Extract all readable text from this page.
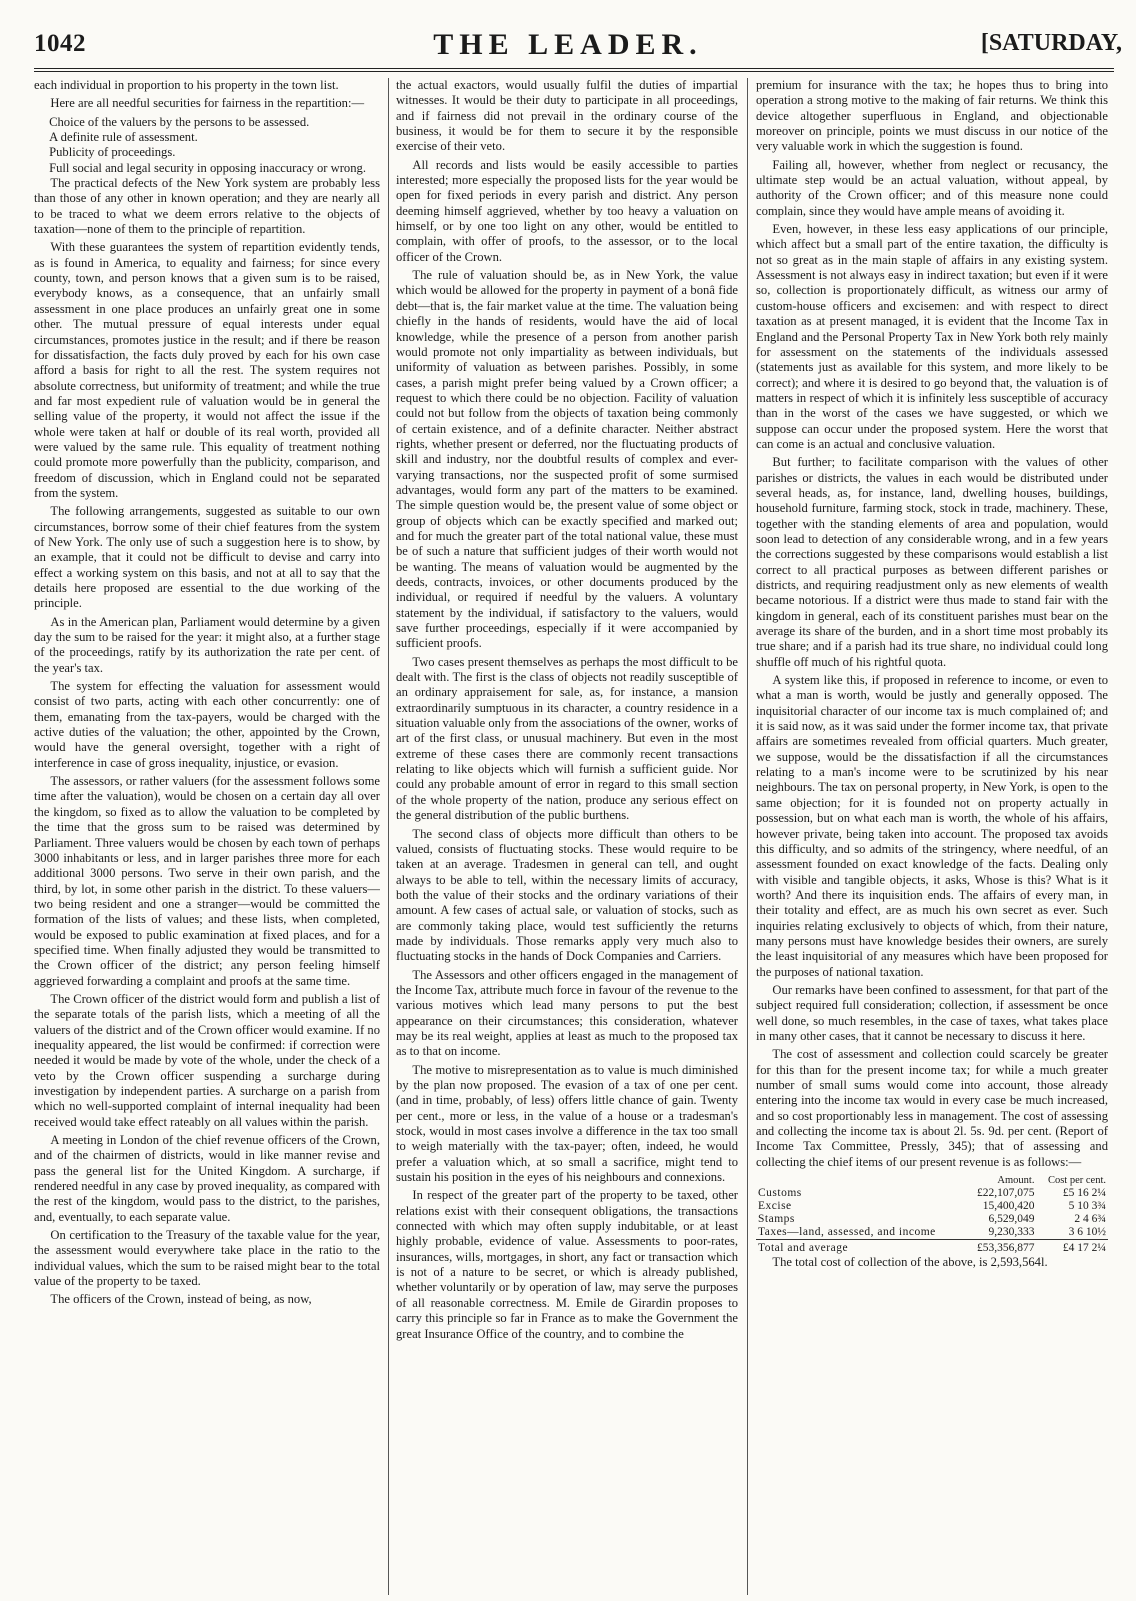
1042	THE LEADER.	[SATURDAY,

each individual in proportion to his property in the town list.

Here are all needful securities for fairness in the repartition:—

Choice of the valuers by the persons to be assessed.

A definite rule of assessment.

Publicity of proceedings.

Full social and legal security in opposing inaccuracy or wrong.

The practical defects of the New York system are probably less than those of any other in known operation; and they are nearly all to be traced to what we deem errors relative to the objects of taxation—none of them to the principle of repartition.

With these guarantees the system of repartition evidently tends, as is found in America, to equality and fairness; for since every county, town, and person knows that a given sum is to be raised, everybody knows, as a consequence, that an unfairly small assessment in one place produces an unfairly great one in some other. The mutual pressure of equal interests under equal circumstances, promotes justice in the result; and if there be reason for dissatisfaction, the facts duly proved by each for his own case afford a basis for right to all the rest. The system requires not absolute correctness, but uniformity of treatment; and while the true and far most expedient rule of valuation would be in general the selling value of the property, it would not affect the issue if the whole were taken at half or double of its real worth, provided all were valued by the same rule. This equality of treatment nothing could promote more powerfully than the publicity, comparison, and freedom of discussion, which in England could not be separated from the system.

The following arrangements, suggested as suitable to our own circumstances, borrow some of their chief features from the system of New York. The only use of such a suggestion here is to show, by an example, that it could not be difficult to devise and carry into effect a working system on this basis, and not at all to say that the details here proposed are essential to the due working of the principle.

As in the American plan, Parliament would determine by a given day the sum to be raised for the year: it might also, at a further stage of the proceedings, ratify by its authorization the rate per cent. of the year's tax.

The system for effecting the valuation for assessment would consist of two parts, acting with each other concurrently: one of them, emanating from the tax-payers, would be charged with the active duties of the valuation; the other, appointed by the Crown, would have the general oversight, together with a right of interference in case of gross inequality, injustice, or evasion.

The assessors, or rather valuers (for the assessment follows some time after the valuation), would be chosen on a certain day all over the kingdom, so fixed as to allow the valuation to be completed by the time that the gross sum to be raised was determined by Parliament. Three valuers would be chosen by each town of perhaps 3000 inhabitants or less, and in larger parishes three more for each additional 3000 persons. Two serve in their own parish, and the third, by lot, in some other parish in the district. To these valuers—two being resident and one a stranger—would be committed the formation of the lists of values; and these lists, when completed, would be exposed to public examination at fixed places, and for a specified time. When finally adjusted they would be transmitted to the Crown officer of the district; any person feeling himself aggrieved forwarding a complaint and proofs at the same time.

The Crown officer of the district would form and publish a list of the separate totals of the parish lists, which a meeting of all the valuers of the district and of the Crown officer would examine. If no inequality appeared, the list would be confirmed: if correction were needed it would be made by vote of the whole, under the check of a veto by the Crown officer suspending a surcharge during investigation by independent parties. A surcharge on a parish from which no well-supported complaint of internal inequality had been received would take effect rateably on all values within the parish.

A meeting in London of the chief revenue officers of the Crown, and of the chairmen of districts, would in like manner revise and pass the general list for the United Kingdom. A surcharge, if rendered needful in any case by proved inequality, as compared with the rest of the kingdom, would pass to the district, to the parishes, and, eventually, to each separate value.

On certification to the Treasury of the taxable value for the year, the assessment would everywhere take place in the ratio to the individual values, which the sum to be raised might bear to the total value of the property to be taxed.

The officers of the Crown, instead of being, as now,

the actual exactors, would usually fulfil the duties of impartial witnesses. It would be their duty to participate in all proceedings, and if fairness did not prevail in the ordinary course of the business, it would be for them to secure it by the responsible exercise of their veto.

All records and lists would be easily accessible to parties interested; more especially the proposed lists for the year would be open for fixed periods in every parish and district. Any person deeming himself aggrieved, whether by too heavy a valuation on himself, or by one too light on any other, would be entitled to complain, with offer of proofs, to the assessor, or to the local officer of the Crown.

The rule of valuation should be, as in New York, the value which would be allowed for the property in payment of a bonâ fide debt—that is, the fair market value at the time. The valuation being chiefly in the hands of residents, would have the aid of local knowledge, while the presence of a person from another parish would promote not only impartiality as between individuals, but uniformity of valuation as between parishes. Possibly, in some cases, a parish might prefer being valued by a Crown officer; a request to which there could be no objection. Facility of valuation could not but follow from the objects of taxation being commonly of certain existence, and of a definite character. Neither abstract rights, whether present or deferred, nor the fluctuating products of skill and industry, nor the doubtful results of complex and ever-varying transactions, nor the suspected profit of some surmised advantages, would form any part of the matters to be examined. The simple question would be, the present value of some object or group of objects which can be exactly specified and marked out; and for much the greater part of the total national value, these must be of such a nature that sufficient judges of their worth would not be wanting. The means of valuation would be augmented by the deeds, contracts, invoices, or other documents produced by the individual, or required if needful by the valuers. A voluntary statement by the individual, if satisfactory to the valuers, would save further proceedings, especially if it were accompanied by sufficient proofs.

Two cases present themselves as perhaps the most difficult to be dealt with. The first is the class of objects not readily susceptible of an ordinary appraisement for sale, as, for instance, a mansion extraordinarily sumptuous in its character, a country residence in a situation valuable only from the associations of the owner, works of art of the first class, or unusual machinery. But even in the most extreme of these cases there are commonly recent transactions relating to like objects which will furnish a sufficient guide. Nor could any probable amount of error in regard to this small section of the whole property of the nation, produce any serious effect on the general distribution of the public burthens.

The second class of objects more difficult than others to be valued, consists of fluctuating stocks. These would require to be taken at an average. Tradesmen in general can tell, and ought always to be able to tell, within the necessary limits of accuracy, both the value of their stocks and the ordinary variations of their amount. A few cases of actual sale, or valuation of stocks, such as are commonly taking place, would test sufficiently the returns made by individuals. Those remarks apply very much also to fluctuating stocks in the hands of Dock Companies and Carriers.

The Assessors and other officers engaged in the management of the Income Tax, attribute much force in favour of the revenue to the various motives which lead many persons to put the best appearance on their circumstances; this consideration, whatever may be its real weight, applies at least as much to the proposed tax as to that on income.

The motive to misrepresentation as to value is much diminished by the plan now proposed. The evasion of a tax of one per cent. (and in time, probably, of less) offers little chance of gain. Twenty per cent., more or less, in the value of a house or a tradesman's stock, would in most cases involve a difference in the tax too small to weigh materially with the tax-payer; often, indeed, he would prefer a valuation which, at so small a sacrifice, might tend to sustain his position in the eyes of his neighbours and connexions.

In respect of the greater part of the property to be taxed, other relations exist with their consequent obligations, the transactions connected with which may often supply indubitable, or at least highly probable, evidence of value. Assessments to poor-rates, insurances, wills, mortgages, in short, any fact or transaction which is not of a nature to be secret, or which is already published, whether voluntarily or by operation of law, may serve the purposes of all reasonable correctness. M. Emile de Girardin proposes to carry this principle so far in France as to make the Government the great Insurance Office of the country, and to combine the

premium for insurance with the tax; he hopes thus to bring into operation a strong motive to the making of fair returns. We think this device altogether superfluous in England, and objectionable moreover on principle, points we must discuss in our notice of the very valuable work in which the suggestion is found.

Failing all, however, whether from neglect or recusancy, the ultimate step would be an actual valuation, without appeal, by authority of the Crown officer; and of this measure none could complain, since they would have ample means of avoiding it.

Even, however, in these less easy applications of our principle, which affect but a small part of the entire taxation, the difficulty is not so great as in the main staple of affairs in any existing system. Assessment is not always easy in indirect taxation; but even if it were so, collection is proportionately difficult, as witness our army of custom-house officers and excisemen: and with respect to direct taxation as at present managed, it is evident that the Income Tax in England and the Personal Property Tax in New York both rely mainly for assessment on the statements of the individuals assessed (statements just as available for this system, and more likely to be correct); and where it is desired to go beyond that, the valuation is of matters in respect of which it is infinitely less susceptible of accuracy than in the worst of the cases we have suggested, or which we suppose can occur under the proposed system. Here the worst that can come is an actual and conclusive valuation.

But further; to facilitate comparison with the values of other parishes or districts, the values in each would be distributed under several heads, as, for instance, land, dwelling houses, buildings, household furniture, farming stock, stock in trade, machinery. These, together with the standing elements of area and population, would soon lead to detection of any considerable wrong, and in a few years the corrections suggested by these comparisons would establish a list correct to all practical purposes as between different parishes or districts, and requiring readjustment only as new elements of wealth became notorious. If a district were thus made to stand fair with the kingdom in general, each of its constituent parishes must bear on the average its share of the burden, and in a short time most probably its true share; and if a parish had its true share, no individual could long shuffle off much of his rightful quota.

A system like this, if proposed in reference to income, or even to what a man is worth, would be justly and generally opposed. The inquisitorial character of our income tax is much complained of; and it is said now, as it was said under the former income tax, that private affairs are sometimes revealed from official quarters. Much greater, we suppose, would be the dissatisfaction if all the circumstances relating to a man's income were to be scrutinized by his near neighbours. The tax on personal property, in New York, is open to the same objection; for it is founded not on property actually in possession, but on what each man is worth, the whole of his affairs, however private, being taken into account. The proposed tax avoids this difficulty, and so admits of the stringency, where needful, of an assessment founded on exact knowledge of the facts. Dealing only with visible and tangible objects, it asks, Whose is this? What is it worth? And there its inquisition ends. The affairs of every man, in their totality and effect, are as much his own secret as ever. Such inquiries relating exclusively to objects of which, from their nature, many persons must have knowledge besides their owners, are surely the least inquisitorial of any measures which have been proposed for the purposes of national taxation.

Our remarks have been confined to assessment, for that part of the subject required full consideration; collection, if assessment be once well done, so much resembles, in the case of taxes, what takes place in many other cases, that it cannot be necessary to discuss it here.

The cost of assessment and collection could scarcely be greater for this than for the present income tax; for while a much greater number of small sums would come into account, those already entering into the income tax would in every case be much increased, and so cost proportionably less in management. The cost of assessing and collecting the income tax is about 2l. 5s. 9d. per cent. (Report of Income Tax Committee, Pressly, 345); that of assessing and collecting the chief items of our present revenue is as follows:—

	Amount.	Cost per cent.
Customs	£22,107,075	£5 16 2¼
Excise	15,400,420	5 10 3¾
Stamps	6,529,049	2 4 6¾
Taxes—land, assessed, and income	9,230,333	3 6 10½
Total and average	£53,356,877	£4 17 2¼

The total cost of collection of the above, is 2,593,564l.
